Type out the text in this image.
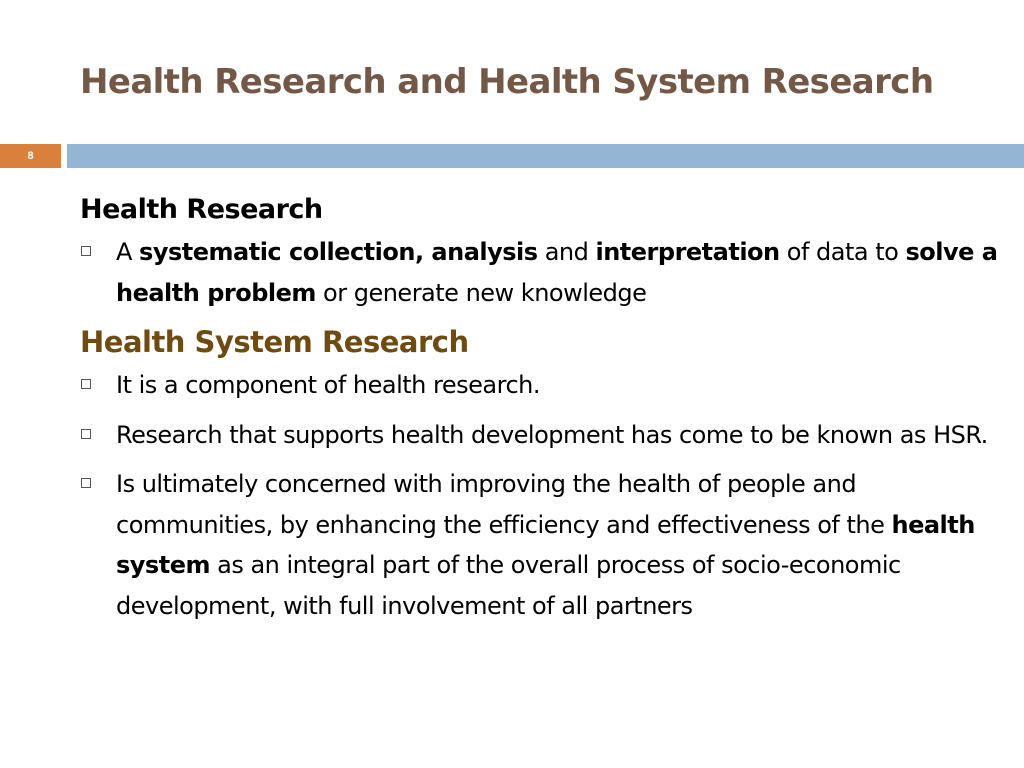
Health Research and Health System Research
8
Health Research
A systematic collection, analysis and interpretation of data to solve a health problem or generate new knowledge
Health System Research
It is a component of health research.
Research that supports health development has come to be known as HSR.
Is ultimately concerned with improving the health of people and communities, by enhancing the efficiency and effectiveness of the health system as an integral part of the overall process of socio-economic development, with full involvement of all partners
